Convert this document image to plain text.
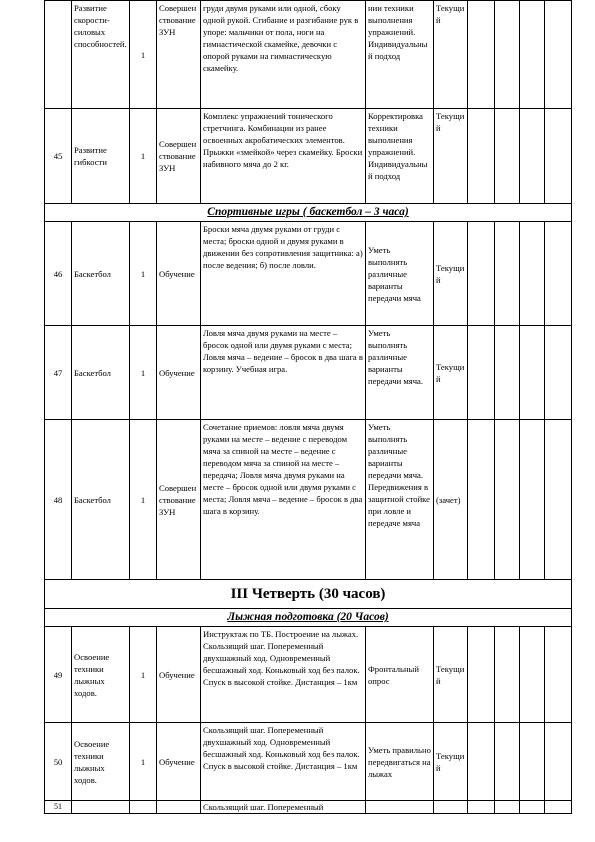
	Развитие скорости-силовых способностей.	1	Совершенствование ЗУН	груди двумя руками или одной, сбоку одной рукой. Сгибание и разгибание рук в упоре: мальчики от пола, ноги на гимнастической скамейке, девочки с опорой руками на гимнастическую скамейку.	нии техники выполнения упражнений. Индивидуальный подход	Текущий				
45	Развитие гибкости	1	Совершенствование ЗУН	Комплекс упражнений тонического стретчинга. Комбинации из ранее освоенных акробатических элементов. Прыжки «змейкой» через скамейку. Броски набивного мяча до 2 кг.	Корректировка техники выполнения упражнений. Индивидуальный подход	Текущий				
Спортивные игры ( баскетбол – 3 часа)										
46	Баскетбол	1	Обучение	Броски мяча двумя руками от груди с места; броски одной и двумя руками в движении без сопротивления защитника: а) после ведения; б) после ловли.	Уметь выполнять различные варианты передачи мяча	Текущий				
47	Баскетбол	1	Обучение	Ловля мяча двумя руками на месте – бросок одной или двумя руками с места; Ловля мяча – ведение – бросок в два шага в корзину. Учебная игра.	Уметь выполнять различные варианты передачи мяча.	Текущий				
48	Баскетбол	1	Совершенствование ЗУН	Сочетание приемов: ловля мяча двумя руками на месте – ведение с переводом мяча за спиной на месте – ведение с переводом мяча за спиной на месте – передача; Ловля мяча двумя руками на месте – бросок одной или двумя руками с места; Ловля мяча – ведение – бросок в два шага в корзину.	Уметь выполнять различные варианты передачи мяча. Передвижения в защитной стойке при ловле и передаче мяча	(зачет)				
III Четверть (30 часов)										
Лыжная подготовка (20 Часов)										
49	Освоение техники лыжных ходов.	1	Обучение	Инструктаж по ТБ. Построение на лыжах. Скользящий шаг. Попеременный двухшажный ход. Одновременный бесшажный ход. Коньковый ход без палок. Спуск в высокой стойке. Дистанция – 1км	Фронтальный опрос	Текущий				
50	Освоение техники лыжных ходов.	1	Обучение	Скользящий шаг. Попеременный двухшажный ход. Одновременный бесшажный ход. Коньковый ход без палок. Спуск в высокой стойке. Дистанция – 1км	Уметь правильно передвигаться на лыжах	Текущий				
51				Скользящий шаг. Попеременный						
